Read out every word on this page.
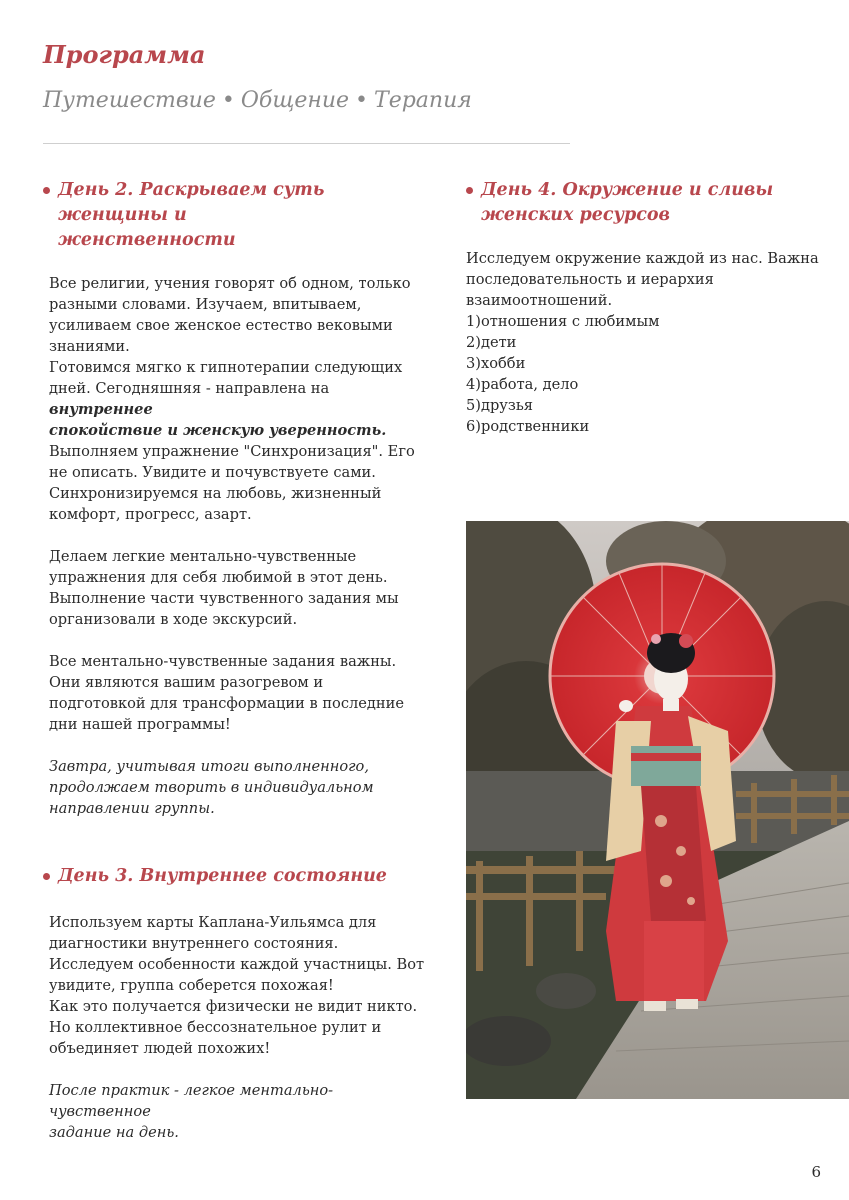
Программа
Путешествие • Общение • Терапия
День 2. Раскрываем суть женщины и
женственности

Все религии, учения говорят об одном, только

разными словами. Изучаем, впитываем,

усиливаем свое женское естество вековыми

знаниями.

Готовимся мягко к гипнотерапии следующих

дней. Сегодняшняя - направлена на внутреннее

спокойствие и женскую уверенность.

Выполняем упражнение "Синхронизация". Его

не описать. Увидите и почувствуете сами.

Синхронизируемся на любовь, жизненный

комфорт, прогресс, азарт.

Делаем легкие ментально-чувственные

упражнения для себя любимой в этот день.

Выполнение части чувственного задания мы

организовали в ходе экскурсий.

Все ментально-чувственные задания важны.

Они являются вашим разогревом и

подготовкой для трансформации в последние

дни нашей программы!

Завтра, учитывая итоги выполненного,

продолжаем творить в индивидуальном

направлении группы.

День 3. Внутреннее состояние

Используем карты Каплана-Уильямса для

диагностики внутреннего состояния.

Исследуем особенности каждой участницы. Вот

увидите, группа соберется похожая!

Как это получается физически не видит никто.

Но коллективное бессознательное рулит и

объединяет людей похожих!

После практик - легкое ментально-чувственное

задание на день.

День 4. Окружение и сливы
женских ресурсов

Исследуем окружение каждой из нас. Важна

последовательность и иерархия

взаимоотношений.

1)отношения с любимым

2)дети

3)хобби

4)работа, дело

5)друзья

6)родственники

6
